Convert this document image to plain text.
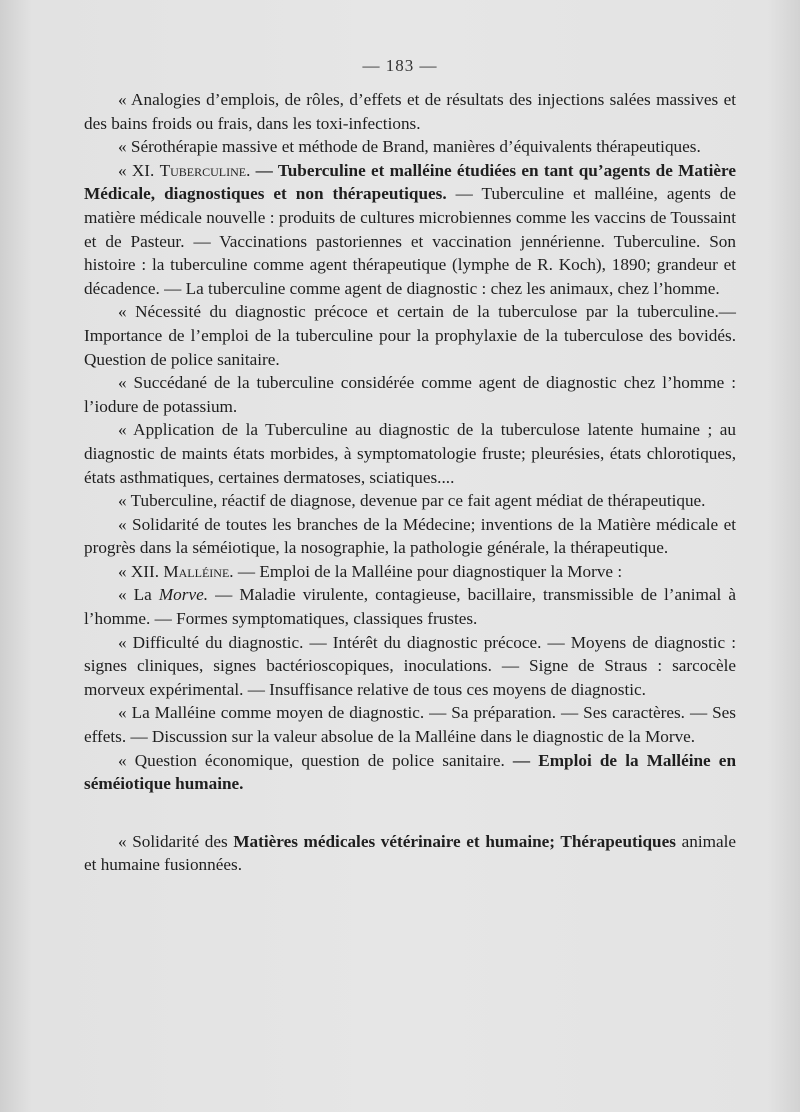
— 183 —

« Analogies d’emplois, de rôles, d’effets et de résultats des injections salées massives et des bains froids ou frais, dans les toxi-infections.

« Sérothérapie massive et méthode de Brand, manières d’équivalents thérapeutiques.

« XI. Tuberculine. — Tuberculine et malléine étudiées en tant qu’agents de Matière Médicale, diagnostiques et non thérapeutiques. — Tuberculine et malléine, agents de matière médicale nouvelle : produits de cultures microbiennes comme les vaccins de Toussaint et de Pasteur. — Vaccinations pastoriennes et vaccination jennérienne. Tuberculine. Son histoire : la tuberculine comme agent thérapeutique (lymphe de R. Koch), 1890; grandeur et décadence. — La tuberculine comme agent de diagnostic : chez les animaux, chez l’homme.

« Nécessité du diagnostic précoce et certain de la tuberculose par la tuberculine.— Importance de l’emploi de la tuberculine pour la prophylaxie de la tuberculose des bovidés. Question de police sanitaire.

« Succédané de la tuberculine considérée comme agent de diagnostic chez l’homme : l’iodure de potassium.

« Application de la Tuberculine au diagnostic de la tuberculose latente humaine ; au diagnostic de maints états morbides, à symptomatologie fruste; pleurésies, états chlorotiques, états asthmatiques, certaines dermatoses, sciatiques....

« Tuberculine, réactif de diagnose, devenue par ce fait agent médiat de thérapeutique.

« Solidarité de toutes les branches de la Médecine; inventions de la Matière médicale et progrès dans la séméiotique, la nosographie, la pathologie générale, la thérapeutique.

« XII. Malléine. — Emploi de la Malléine pour diagnostiquer la Morve :

« La Morve. — Maladie virulente, contagieuse, bacillaire, transmissible de l’animal à l’homme. — Formes symptomatiques, classiques frustes.

« Difficulté du diagnostic. — Intérêt du diagnostic précoce. — Moyens de diagnostic : signes cliniques, signes bactérioscopiques, inoculations. — Signe de Straus : sarcocèle morveux expérimental. — Insuffisance relative de tous ces moyens de diagnostic.

« La Malléine comme moyen de diagnostic. — Sa préparation. — Ses caractères. — Ses effets. — Discussion sur la valeur absolue de la Malléine dans le diagnostic de la Morve.

« Question économique, question de police sanitaire. — Emploi de la Malléine en séméiotique humaine.

« Solidarité des Matières médicales vétérinaire et humaine; Thérapeutiques animale et humaine fusionnées.
